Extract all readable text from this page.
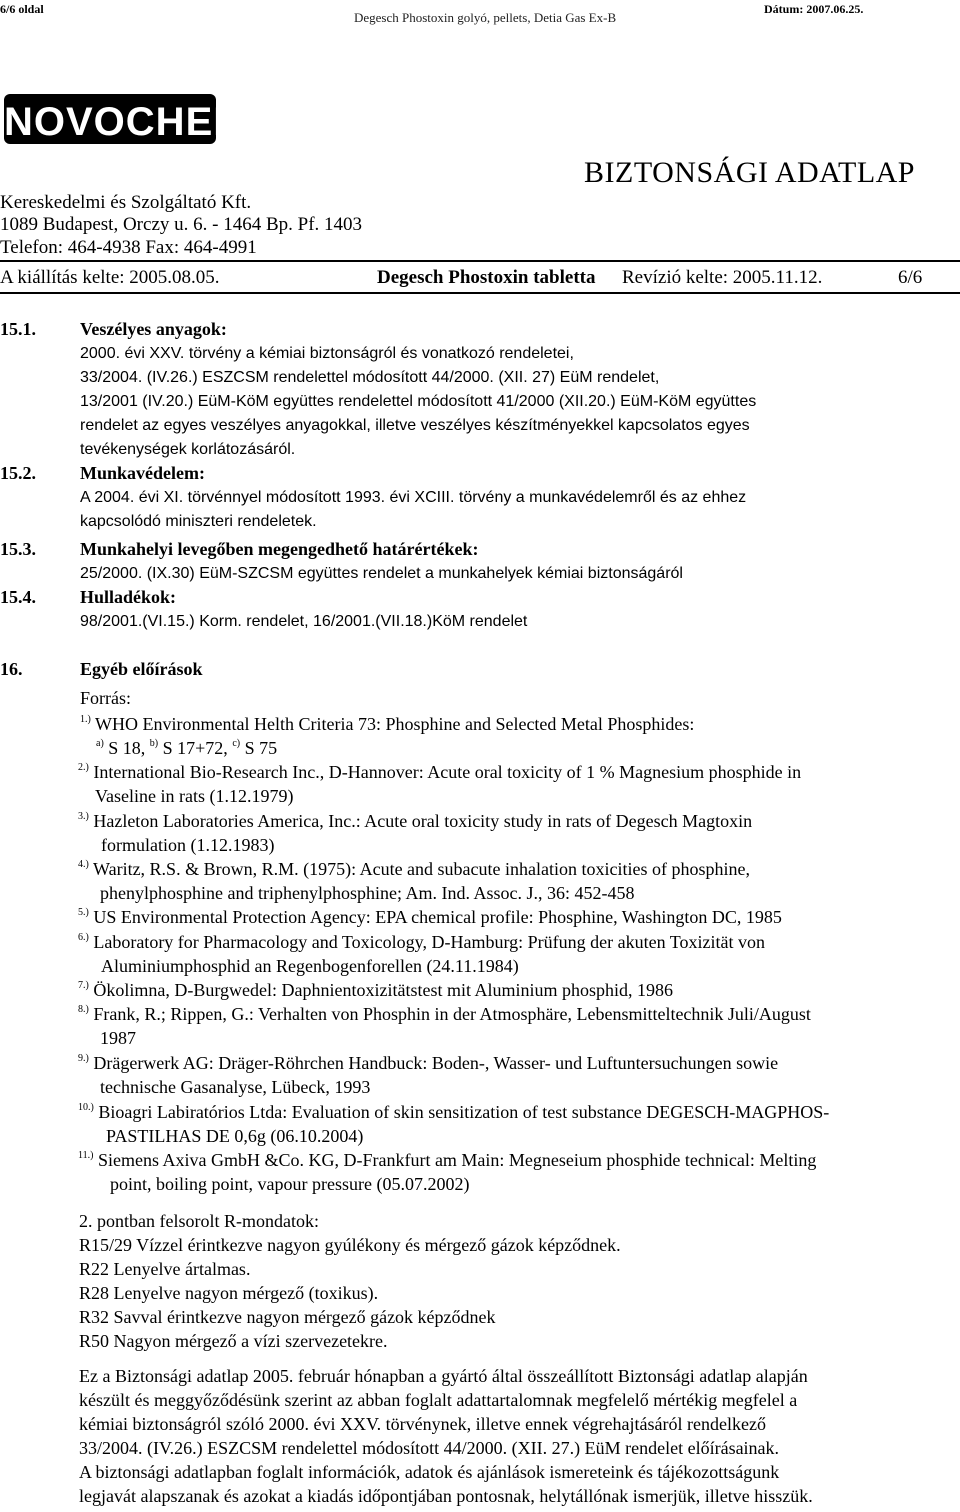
6/6 oldal
Degesch Phostoxin golyó, pellets, Detia Gas Ex-B
Dátum: 2007.06.25.
NOVOCHEM
Kereskedelmi és Szolgáltató Kft.
1089 Budapest, Orczy u. 6. - 1464 Bp. Pf. 1403
Telefon: 464-4938 Fax: 464-4991
BIZTONSÁGI ADATLAP
A kiállítás kelte: 2005.08.05.	Degesch Phostoxin tabletta Revízió kelte: 2005.11.12.	6/6
15.1. Veszélyes anyagok:
2000. évi XXV. törvény a kémiai biztonságról és vonatkozó rendeletei,
33/2004. (IV.26.) ESZCSM rendelettel módosított 44/2000. (XII. 27) EüM rendelet,
13/2001 (IV.20.) EüM-KöM együttes rendelettel módosított 41/2000 (XII.20.) EüM-KöM együttes
rendelet az egyes veszélyes anyagokkal, illetve veszélyes készítményekkel kapcsolatos egyes
tevékenységek korlátozásáról.
15.2. Munkavédelem:
A 2004. évi XI. törvénnyel módosított 1993. évi XCIII. törvény a munkavédelemről és az ehhez
kapcsolódó miniszteri rendeletek.
15.3. Munkahelyi levegőben megengedhető határértékek:
25/2000. (IX.30) EüM-SZCSM együttes rendelet a munkahelyek kémiai biztonságáról
15.4. Hulladékok:
98/2001.(VI.15.) Korm. rendelet, 16/2001.(VII.18.)KöM rendelet
16.	Egyéb előírások
Forrás:
$^{1.)}$ WHO Environmental Helth Criteria 73: Phosphine and Selected Metal Phosphides:
$^{a)}$ S 18, $^{b)}$ S 17+72, $^{c)}$ S 75
$^{2.)}$ International Bio-Research Inc., D-Hannover: Acute oral toxicity of 1 % Magnesium phosphide in
Vaseline in rats (1.12.1979)
$^{3.)}$ Hazleton Laboratories America, Inc.: Acute oral toxicity study in rats of Degesch Magtoxin
formulation (1.12.1983)
$^{4.)}$ Waritz, R.S. & Brown, R.M. (1975): Acute and subacute inhalation toxicities of phosphine,
phenylphosphine and triphenylphosphine; Am. Ind. Assoc. J., 36: 452-458
$^{5.)}$ US Environmental Protection Agency: EPA chemical profile: Phosphine, Washington DC, 1985
$^{6.)}$ Laboratory for Pharmacology and Toxicology, D-Hamburg: Prüfung der akuten Toxizität von
Aluminiumphosphid an Regenbogenforellen (24.11.1984)
$^{7.)}$ Ökolimna, D-Burgwedel: Daphnientoxizitätstest mit Aluminium phosphid, 1986
$^{8.)}$ Frank, R.; Rippen, G.: Verhalten von Phosphin in der Atmosphäre, Lebensmitteltechnik Juli/August
1987
$^{9.)}$ Drägerwerk AG: Dräger-Röhrchen Handbuck: Boden-, Wasser- und Luftuntersuchungen sowie
technische Gasanalyse, Lübeck, 1993
$^{10.)}$ Bioagri Labiratórios Ltda: Evaluation of skin sensitization of test substance DEGESCH-MAGPHOS-
PASTILHAS DE 0,6g (06.10.2004)
$^{11.)}$ Siemens Axiva GmbH &Co. KG, D-Frankfurt am Main: Megneseium phosphide technical: Melting
point, boiling point, vapour pressure (05.07.2002)
2. pontban felsorolt R-mondatok:
R15/29 Vízzel érintkezve nagyon gyúlékony és mérgező gázok képződnek.
R22 Lenyelve ártalmas.
R28 Lenyelve nagyon mérgező (toxikus).
R32 Savval érintkezve nagyon mérgező gázok képződnek
R50 Nagyon mérgező a vízi szervezetekre.
Ez a Biztonsági adatlap 2005. február hónapban a gyártó által összeállított Biztonsági adatlap alapján
készült és meggyőződésünk szerint az abban foglalt adattartalomnak megfelelő mértékig megfelel a
kémiai biztonságról szóló 2000. évi XXV. törvénynek, illetve ennek végrehajtásáról rendelkező
33/2004. (IV.26.) ESZCSM rendelettel módosított 44/2000. (XII. 27.) EüM rendelet előírásainak.
A biztonsági adatlapban foglalt információk, adatok és ajánlások ismereteink és tájékozottságunk
legjavát alapszanak és azokat a kiadás időpontjában pontosnak, helytállónak ismerjük, illetve hisszük.
